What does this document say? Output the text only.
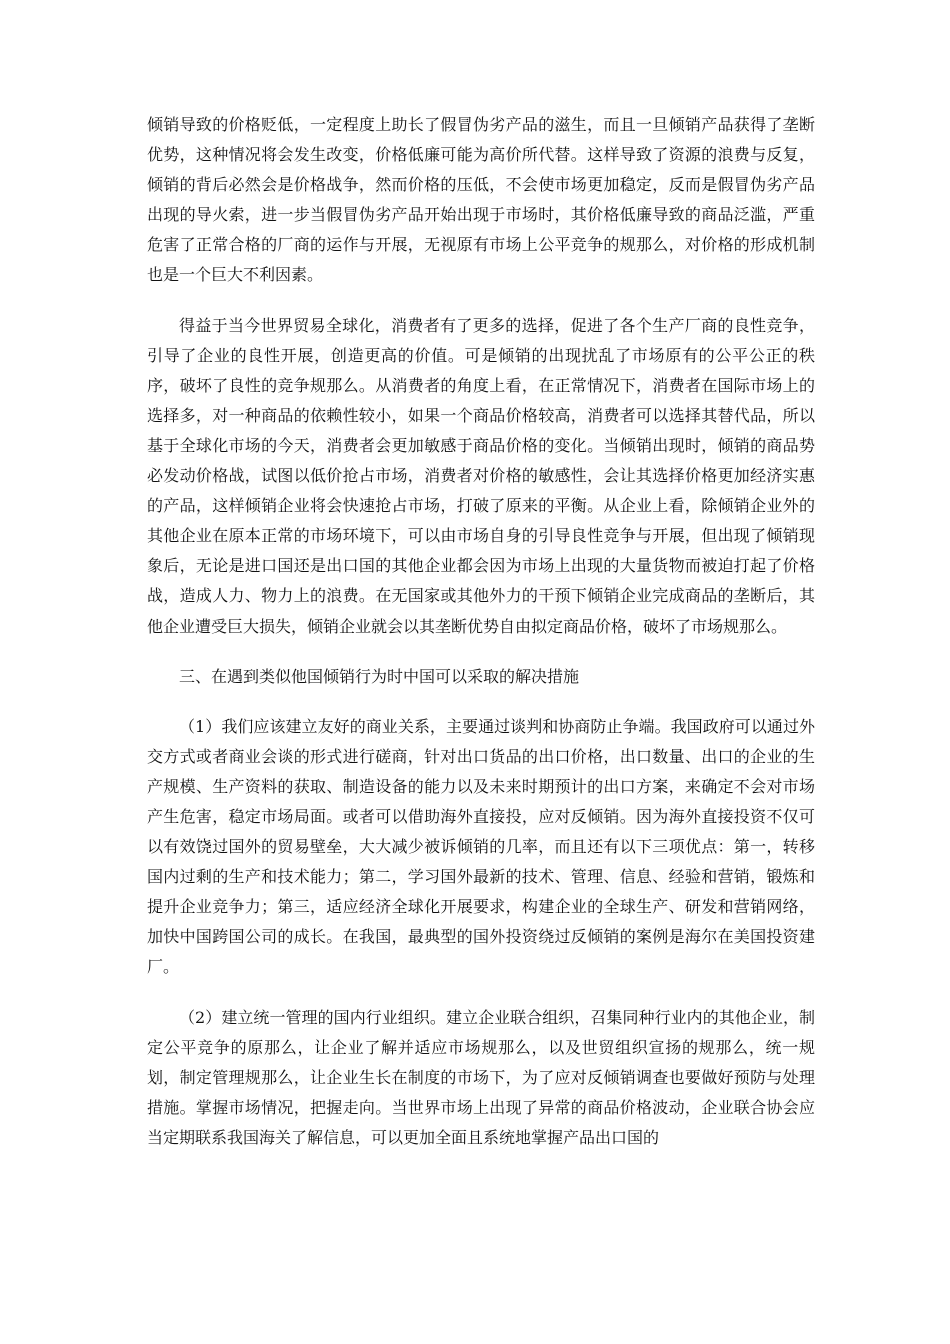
倾销导致的价格贬低，一定程度上助长了假冒伪劣产品的滋生，而且一旦倾销产品获得了垄断优势，这种情况将会发生改变，价格低廉可能为高价所代替。这样导致了资源的浪费与反复，倾销的背后必然会是价格战争，然而价格的压低，不会使市场更加稳定，反而是假冒伪劣产品出现的导火索，进一步当假冒伪劣产品开始出现于市场时，其价格低廉导致的商品泛滥，严重危害了正常合格的厂商的运作与开展，无视原有市场上公平竞争的规那么，对价格的形成机制也是一个巨大不利因素。

得益于当今世界贸易全球化，消费者有了更多的选择，促进了各个生产厂商的良性竞争，引导了企业的良性开展，创造更高的价值。可是倾销的出现扰乱了市场原有的公平公正的秩序，破坏了良性的竞争规那么。从消费者的角度上看，在正常情况下，消费者在国际市场上的选择多，对一种商品的依赖性较小，如果一个商品价格较高，消费者可以选择其替代品，所以基于全球化市场的今天，消费者会更加敏感于商品价格的变化。当倾销出现时，倾销的商品势必发动价格战，试图以低价抢占市场，消费者对价格的敏感性，会让其选择价格更加经济实惠的产品，这样倾销企业将会快速抢占市场，打破了原来的平衡。从企业上看，除倾销企业外的其他企业在原本正常的市场环境下，可以由市场自身的引导良性竞争与开展，但出现了倾销现象后，无论是进口国还是出口国的其他企业都会因为市场上出现的大量货物而被迫打起了价格战，造成人力、物力上的浪费。在无国家或其他外力的干预下倾销企业完成商品的垄断后，其他企业遭受巨大损失，倾销企业就会以其垄断优势自由拟定商品价格，破坏了市场规那么。

三、在遇到类似他国倾销行为时中国可以采取的解决措施

（1）我们应该建立友好的商业关系，主要通过谈判和协商防止争端。我国政府可以通过外交方式或者商业会谈的形式进行磋商，针对出口货品的出口价格，出口数量、出口的企业的生产规模、生产资料的获取、制造设备的能力以及未来时期预计的出口方案，来确定不会对市场产生危害，稳定市场局面。或者可以借助海外直接投，应对反倾销。因为海外直接投资不仅可以有效饶过国外的贸易壁垒，大大减少被诉倾销的几率，而且还有以下三项优点：第一，转移国内过剩的生产和技术能力；第二，学习国外最新的技术、管理、信息、经验和营销，锻炼和提升企业竞争力；第三，适应经济全球化开展要求，构建企业的全球生产、研发和营销网络，加快中国跨国公司的成长。在我国，最典型的国外投资绕过反倾销的案例是海尔在美国投资建厂。

（2）建立统一管理的国内行业组织。建立企业联合组织，召集同种行业内的其他企业，制定公平竞争的原那么，让企业了解并适应市场规那么，以及世贸组织宣扬的规那么，统一规划，制定管理规那么，让企业生长在制度的市场下，为了应对反倾销调查也要做好预防与处理措施。掌握市场情况，把握走向。当世界市场上出现了异常的商品价格波动，企业联合协会应当定期联系我国海关了解信息，可以更加全面且系统地掌握产品出口国的
